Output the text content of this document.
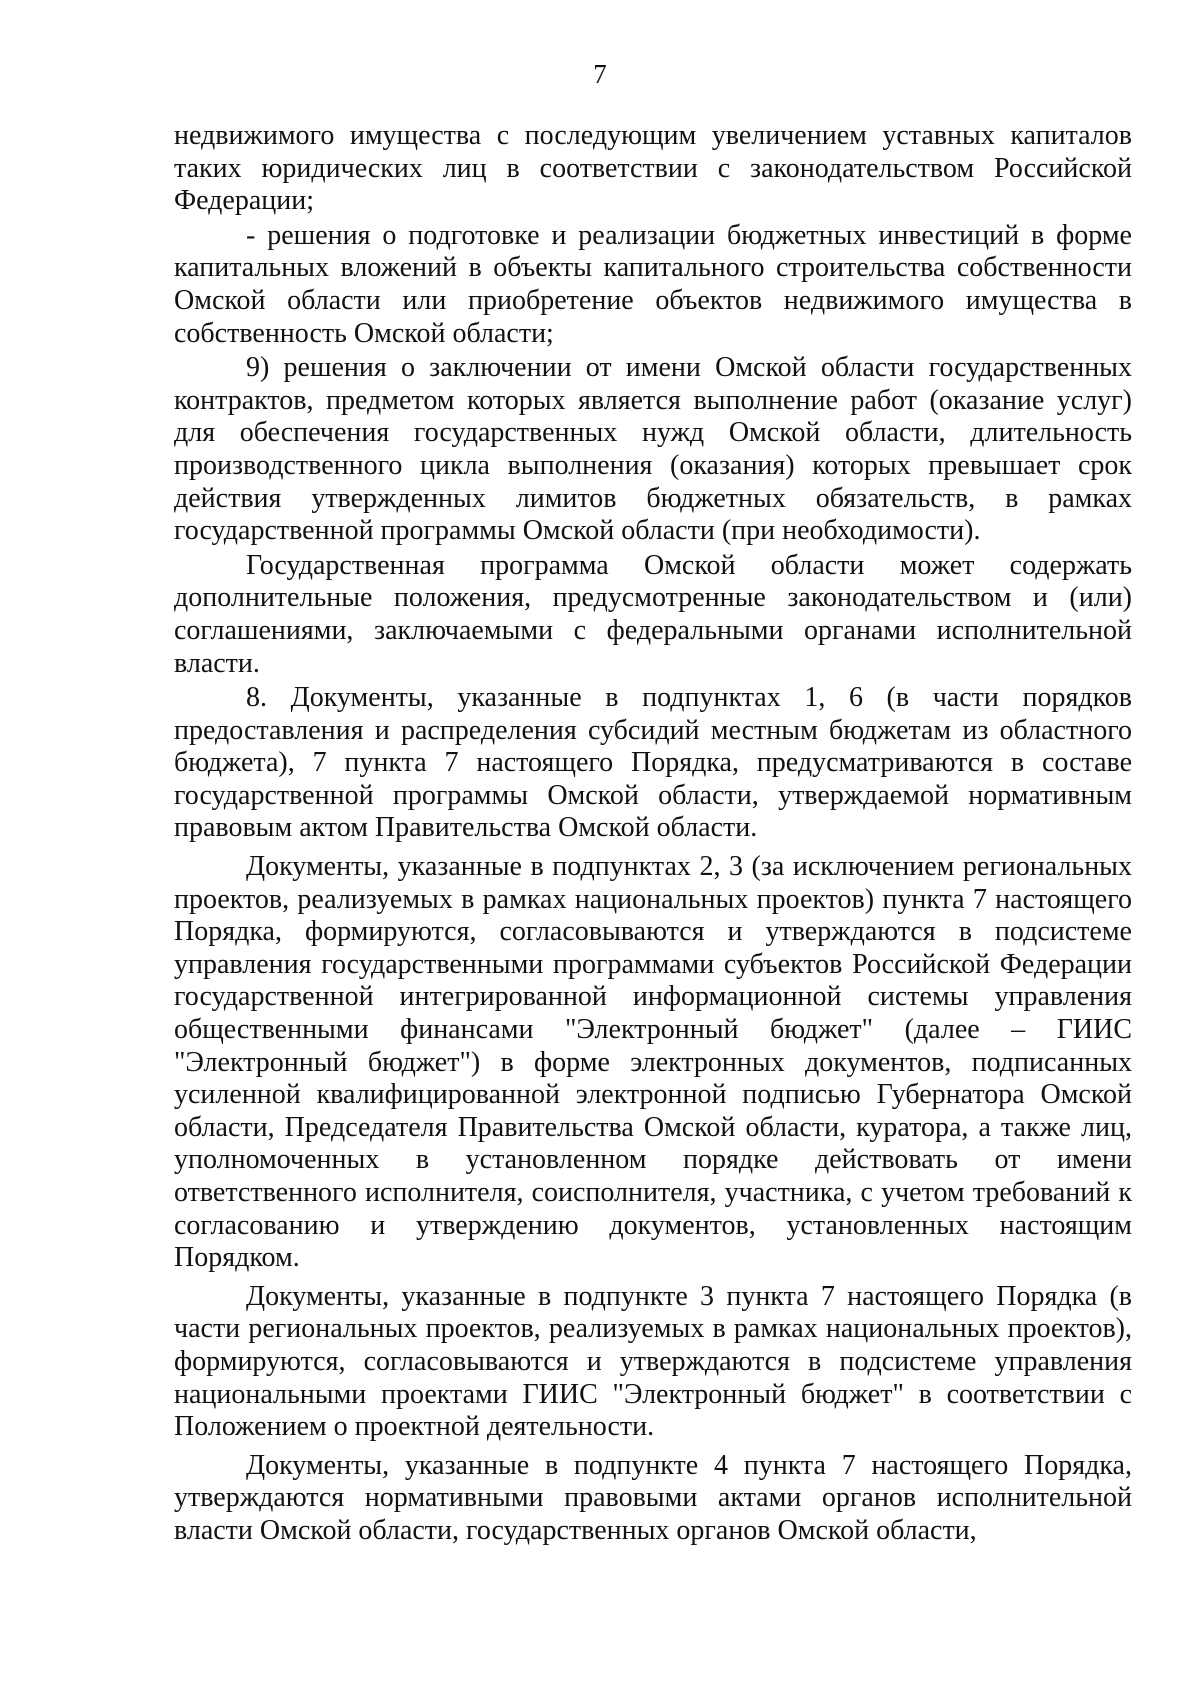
7

недвижимого имущества с последующим увеличением уставных капиталов таких юридических лиц в соответствии с законодательством Российской Федерации;

- решения о подготовке и реализации бюджетных инвестиций в форме капитальных вложений в объекты капитального строительства собственности Омской области или приобретение объектов недвижимого имущества в собственность Омской области;

9) решения о заключении от имени Омской области государственных контрактов, предметом которых является выполнение работ (оказание услуг) для обеспечения государственных нужд Омской области, длительность производственного цикла выполнения (оказания) которых превышает срок действия утвержденных лимитов бюджетных обязательств, в рамках государственной программы Омской области (при необходимости).

Государственная программа Омской области может содержать дополнительные положения, предусмотренные законодательством и (или) соглашениями, заключаемыми с федеральными органами исполнительной власти.

8. Документы, указанные в подпунктах 1, 6 (в части порядков предоставления и распределения субсидий местным бюджетам из областного бюджета), 7 пункта 7 настоящего Порядка, предусматриваются в составе государственной программы Омской области, утверждаемой нормативным правовым актом Правительства Омской области.

Документы, указанные в подпунктах 2, 3 (за исключением региональных проектов, реализуемых в рамках национальных проектов) пункта 7 настоящего Порядка, формируются, согласовываются и утверждаются в подсистеме управления государственными программами субъектов Российской Федерации государственной интегрированной информационной системы управления общественными финансами "Электронный бюджет" (далее – ГИИС "Электронный бюджет") в форме электронных документов, подписанных усиленной квалифицированной электронной подписью Губернатора Омской области, Председателя Правительства Омской области, куратора, а также лиц, уполномоченных в установленном порядке действовать от имени ответственного исполнителя, соисполнителя, участника, с учетом требований к согласованию и утверждению документов, установленных настоящим Порядком.

Документы, указанные в подпункте 3 пункта 7 настоящего Порядка (в части региональных проектов, реализуемых в рамках национальных проектов), формируются, согласовываются и утверждаются в подсистеме управления национальными проектами ГИИС "Электронный бюджет" в соответствии с Положением о проектной деятельности.

Документы, указанные в подпункте 4 пункта 7 настоящего Порядка, утверждаются нормативными правовыми актами органов исполнительной власти Омской области, государственных органов Омской области,
